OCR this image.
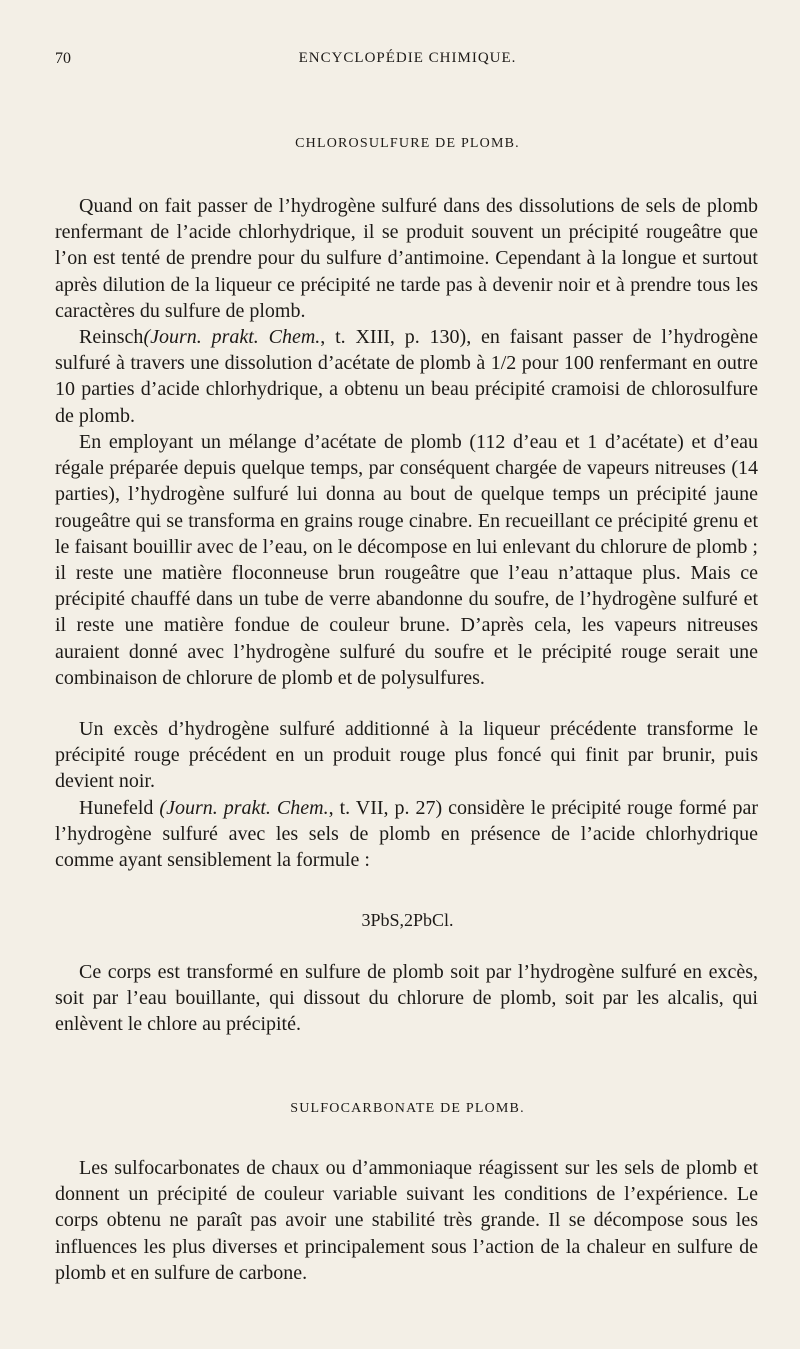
70	ENCYCLOPÉDIE CHIMIQUE.
CHLOROSULFURE DE PLOMB.

Quand on fait passer de l’hydrogène sulfuré dans des dissolutions de sels de plomb renfermant de l’acide chlorhydrique, il se produit souvent un précipité rougeâtre que l’on est tenté de prendre pour du sulfure d’antimoine. Cependant à la longue et surtout après dilution de la liqueur ce précipité ne tarde pas à devenir noir et à prendre tous les caractères du sulfure de plomb.

Reinsch(Journ. prakt. Chem., t. XIII, p. 130), en faisant passer de l’hydrogène sulfuré à travers une dissolution d’acétate de plomb à 1/2 pour 100 renfermant en outre 10 parties d’acide chlorhydrique, a obtenu un beau précipité cramoisi de chlorosulfure de plomb.

En employant un mélange d’acétate de plomb (112 d’eau et 1 d’acétate) et d’eau régale préparée depuis quelque temps, par conséquent chargée de vapeurs nitreuses (14 parties), l’hydrogène sulfuré lui donna au bout de quelque temps un précipité jaune rougeâtre qui se transforma en grains rouge cinabre. En recueillant ce précipité grenu et le faisant bouillir avec de l’eau, on le décompose en lui enlevant du chlorure de plomb ; il reste une matière floconneuse brun rougeâtre que l’eau n’attaque plus. Mais ce précipité chauffé dans un tube de verre abandonne du soufre, de l’hydrogène sulfuré et il reste une matière fondue de couleur brune. D’après cela, les vapeurs nitreuses auraient donné avec l’hydrogène sulfuré du soufre et le précipité rouge serait une combinaison de chlorure de plomb et de polysulfures.

Un excès d’hydrogène sulfuré additionné à la liqueur précédente transforme le précipité rouge précédent en un produit rouge plus foncé qui finit par brunir, puis devient noir.

Hunefeld (Journ. prakt. Chem., t. VII, p. 27) considère le précipité rouge formé par l’hydrogène sulfuré avec les sels de plomb en présence de l’acide chlorhydrique comme ayant sensiblement la formule :

3PbS,2PbCl.

Ce corps est transformé en sulfure de plomb soit par l’hydrogène sulfuré en excès, soit par l’eau bouillante, qui dissout du chlorure de plomb, soit par les alcalis, qui enlèvent le chlore au précipité.

SULFOCARBONATE DE PLOMB.

Les sulfocarbonates de chaux ou d’ammoniaque réagissent sur les sels de plomb et donnent un précipité de couleur variable suivant les conditions de l’expérience. Le corps obtenu ne paraît pas avoir une stabilité très grande. Il se décompose sous les influences les plus diverses et principalement sous l’action de la chaleur en sulfure de plomb et en sulfure de carbone.
